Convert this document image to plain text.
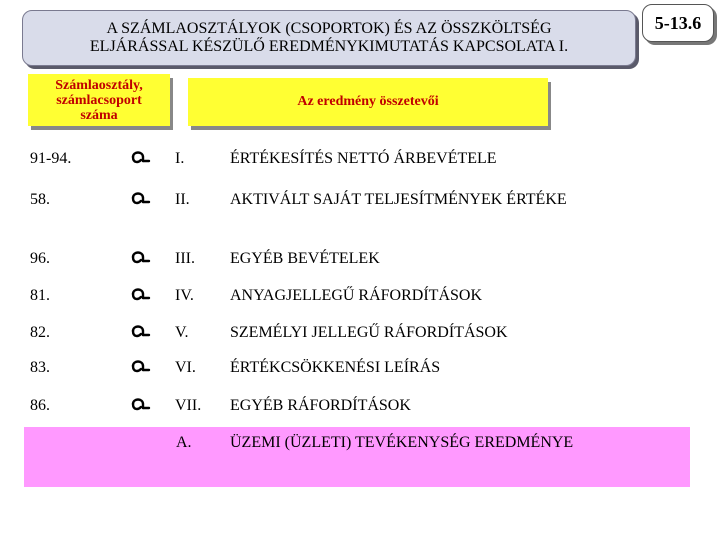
A SZÁMLAOSZTÁLYOK (CSOPORTOK) ÉS AZ ÖSSZKÖLTSÉG
ELJÁRÁSSAL KÉSZÜLŐ EREDMÉNYKIMUTATÁS KAPCSOLATA I.
5-13.6
Számlaosztály,
számlacsoport
száma
Az eredmény összetevői
91-94.	I.	ÉRTÉKESÍTÉS NETTÓ ÁRBEVÉTELE
58.	II.	AKTIVÁLT SAJÁT TELJESÍTMÉNYEK ÉRTÉKE
96.	III. EGYÉB BEVÉTELEK
81.	IV. ANYAGJELLEGŰ RÁFORDÍTÁSOK
82.	V.	SZEMÉLYI JELLEGŰ RÁFORDÍTÁSOK
83.	VI. ÉRTÉKCSÖKKENÉSI LEÍRÁS
86.	VII. EGYÉB RÁFORDÍTÁSOK
A. ÜZEMI (ÜZLETI) TEVÉKENYSÉG EREDMÉNYE
